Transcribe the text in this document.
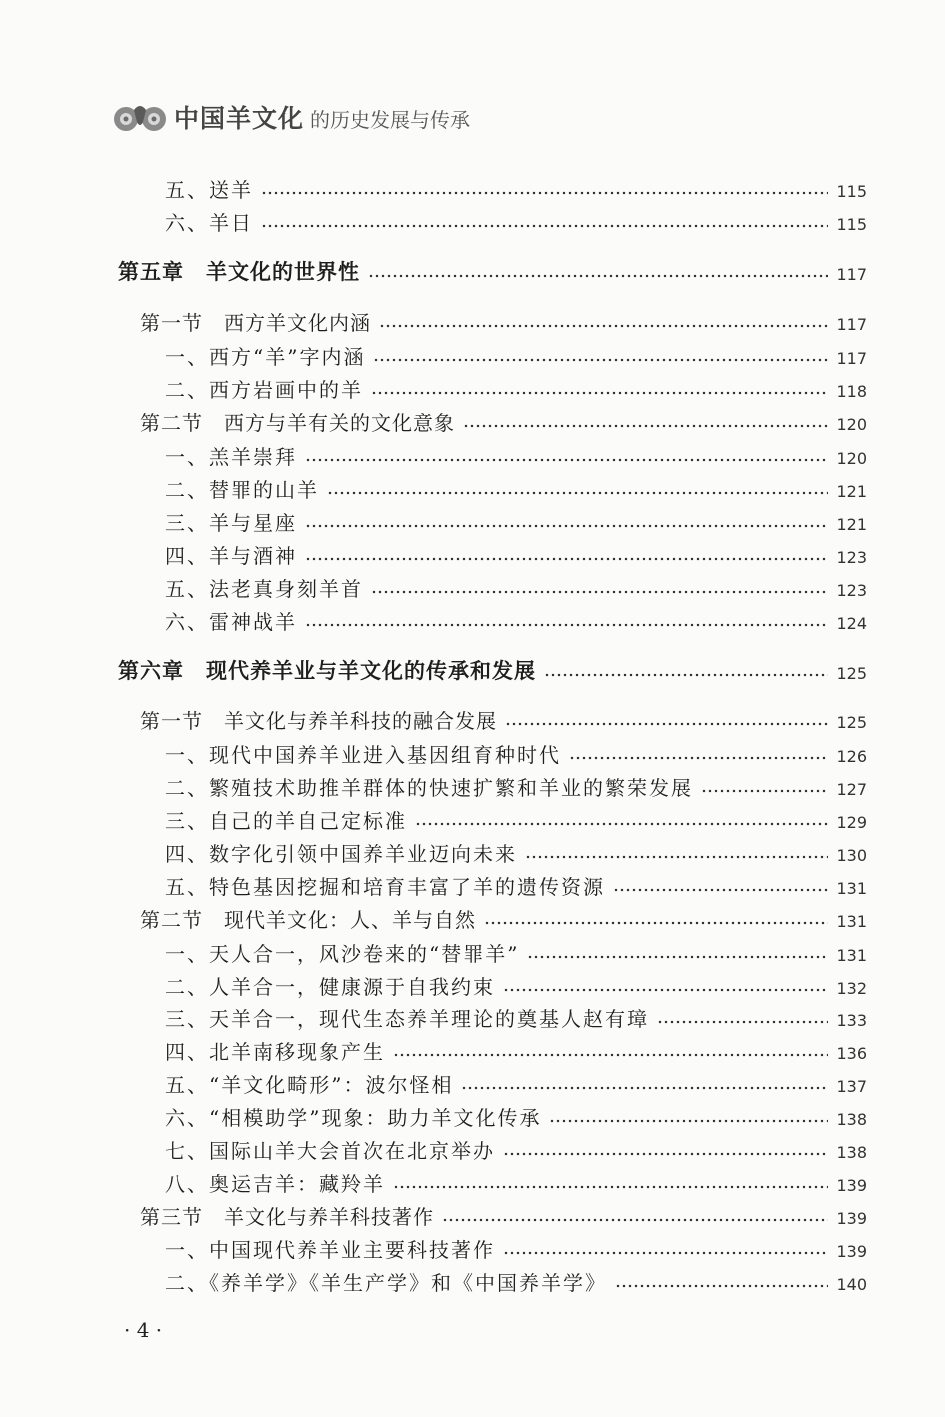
中国羊文化 的历史发展与传承
五、送羊	115
六、羊日	115
第五章　羊文化的世界性	117
第一节　西方羊文化内涵	117
一、西方“羊”字内涵	117
二、西方岩画中的羊	118
第二节　西方与羊有关的文化意象	120
一、羔羊崇拜	120
二、替罪的山羊	121
三、羊与星座	121
四、羊与酒神	123
五、法老真身刻羊首	123
六、雷神战羊	124
第六章　现代养羊业与羊文化的传承和发展	125
第一节　羊文化与养羊科技的融合发展	125
一、现代中国养羊业进入基因组育种时代	126
二、繁殖技术助推羊群体的快速扩繁和羊业的繁荣发展	127
三、自己的羊自己定标准	129
四、数字化引领中国养羊业迈向未来	130
五、特色基因挖掘和培育丰富了羊的遗传资源	131
第二节　现代羊文化：人、羊与自然	131
一、天人合一，风沙卷来的“替罪羊”	131
二、人羊合一，健康源于自我约束	132
三、天羊合一，现代生态养羊理论的奠基人赵有璋	133
四、北羊南移现象产生	136
五、“羊文化畸形”：波尔怪相	137
六、“相模助学”现象：助力羊文化传承	138
七、国际山羊大会首次在北京举办	138
八、奥运吉羊：藏羚羊	139
第三节　羊文化与养羊科技著作	139
一、中国现代养羊业主要科技著作	139
二、《养羊学》《羊生产学》和《中国养羊学》	140
· 4 ·
